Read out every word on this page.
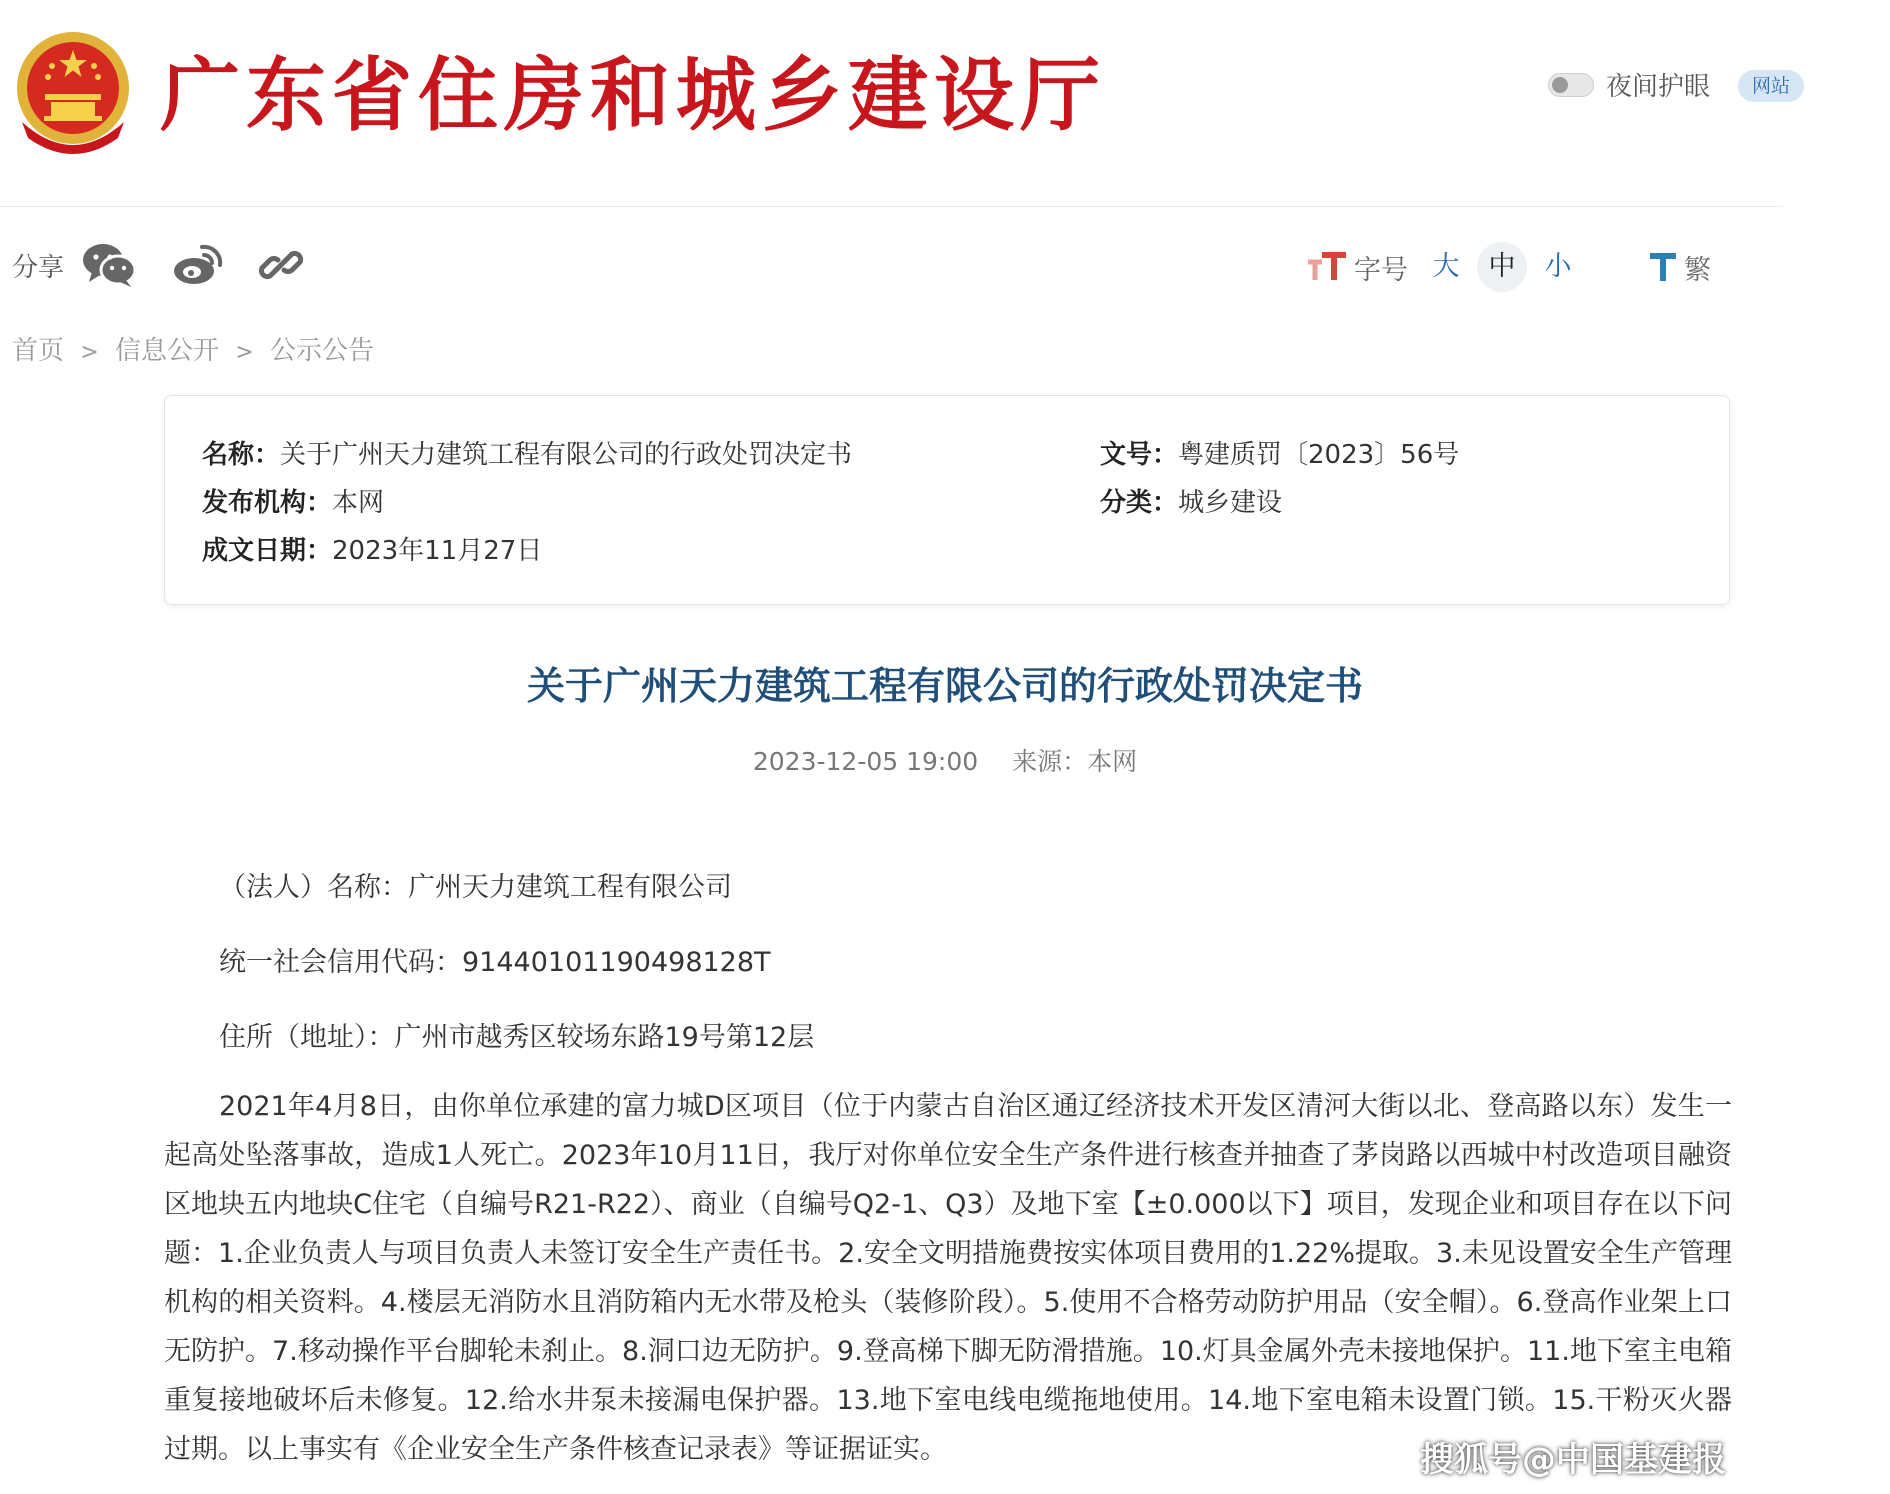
广东省住房和城乡建设厅	夜间护眼	网站
分享	字号 大	中	小	繁
首页 > 信息公开 > 公示公告
名称：关于广州天力建筑工程有限公司的行政处罚决定书	文号：粤建质罚〔2023〕56号
发布机构：本网	分类：城乡建设
成文日期：2023年11月27日
关于广州天力建筑工程有限公司的行政处罚决定书
2023-12-05 19:00 来源：本网

（法人）名称：广州天力建筑工程有限公司

统一社会信用代码：91440101190498128T

住所（地址）：广州市越秀区较场东路19号第12层

2021年4月8日，由你单位承建的富力城D区项目（位于内蒙古自治区通辽经济技术开发区清河大街以北、登高路以东）发生一起高处坠落事故，造成1人死亡。2023年10月11日，我厅对你单位安全生产条件进行核查并抽查了茅岗路以西城中村改造项目融资区地块五内地块C住宅（自编号R21-R22）、商业（自编号Q2-1、Q3）及地下室【±0.000以下】项目，发现企业和项目存在以下问题：1.企业负责人与项目负责人未签订安全生产责任书。2.安全文明措施费按实体项目费用的1.22%提取。3.未见设置安全生产管理机构的相关资料。4.楼层无消防水且消防箱内无水带及枪头（装修阶段）。5.使用不合格劳动防护用品（安全帽）。6.登高作业架上口无防护。7.移动操作平台脚轮未刹止。8.洞口边无防护。9.登高梯下脚无防滑措施。10.灯具金属外壳未接地保护。11.地下室主电箱重复接地破坏后未修复。12.给水井泵未接漏电保护器。13.地下室电线电缆拖地使用。14.地下室电箱未设置门锁。15.干粉灭火器过期。以上事实有《企业安全生产条件核查记录表》等证据证实。	搜狐号@中国基建报
